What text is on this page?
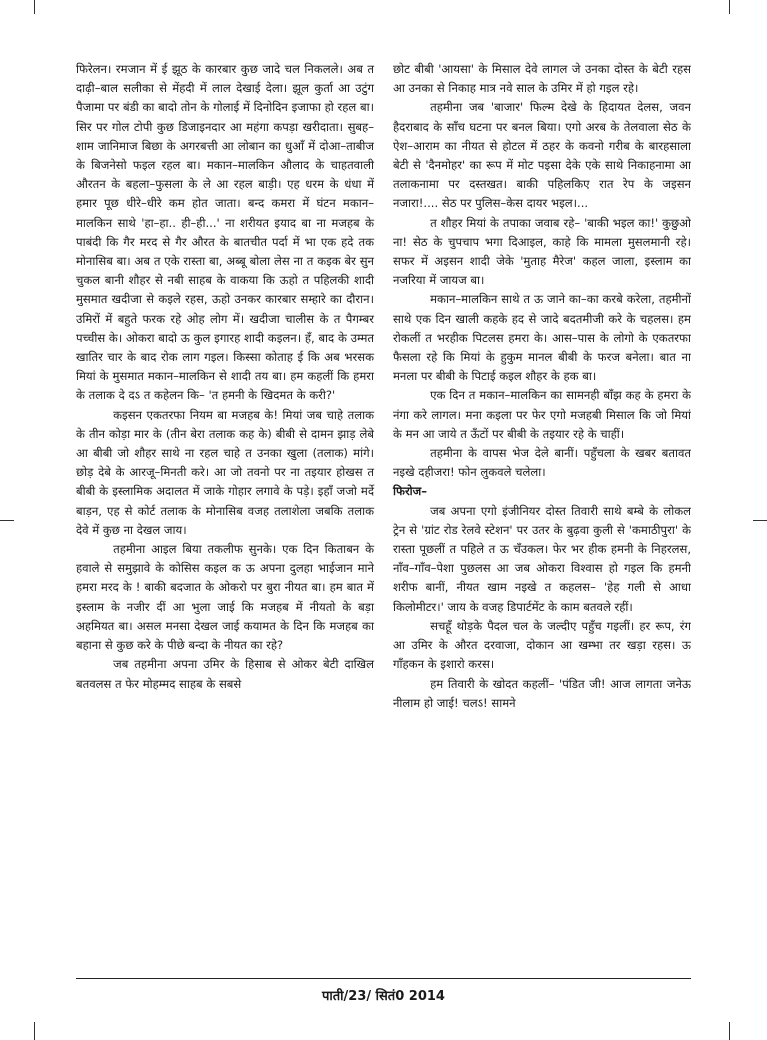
फिरेलन। रमजान में ई झूठ के कारबार कुछ जादे चल निकलले। अब त दाढ़ी–बाल सलीका से मेंहदी में लाल देखाई देला। झूल कुर्ता आ उटुंग पैजामा पर बंडी का बादो तोन के गोलाई में दिनोदिन इजाफा हो रहल बा। सिर पर गोल टोपी कुछ डिजाइनदार आ महंगा कपड़ा खरीदाता। सुबह–शाम जानिमाज बिछा के अगरबत्ती आ लोबान का धुआँ में दोआ–ताबीज के बिजनेसो फइल रहल बा। मकान–मालकिन औलाद के चाहतवाली औरतन के बहला–फुसला के ले आ रहल बाड़ी। एह धरम के धंधा में हमार पूछ धीरे–धीरे कम होत जाता। बन्द कमरा में घंटन मकान–मालकिन साथे 'हा–हा.. ही–ही...' ना शरीयत इयाद बा ना मजहब के पाबंदी कि गैर मरद से गैर औरत के बातचीत पर्दा में भा एक हदे तक मोनासिब बा। अब त एके रास्ता बा, अब्बू बोला लेस ना त कइक बेर सुन चुकल बानी शौहर से नबी साहब के वाकया कि ऊहो त पहिलकी शादी मुसमात खदीजा से कइले रहस, ऊहो उनकर कारबार सम्हारे का दौरान। उमिरों में बहुते फरक रहे ओह लोग में। खदीजा चालीस के त पैगम्बर पच्चीस के। ओकरा बादो ऊ कुल इगारह शादी कइलन। हँ, बाद के उम्मत खातिर चार के बाद रोक लाग गइल। किस्सा कोताह ई कि अब भरसक मियां के मुसमात मकान–मालकिन से शादी तय बा। हम कहलीं कि हमरा के तलाक दे दऽ त कहेलन कि– 'त हमनी के खिदमत के करी?'

कइसन एकतरफा नियम बा मजहब के! मियां जब चाहे तलाक के तीन कोड़ा मार के (तीन बेरा तलाक कह के) बीबी से दामन झाड़ लेबे आ बीबी जो शौहर साथे ना रहल चाहे त उनका खुला (तलाक) मांगे। छोड़ देबे के आरजू–मिनती करे। आ जो तवनो पर ना तइयार होखस त बीबी के इस्लामिक अदालत में जाके गोहार लगावे के पड़े। इहाँ जजो मर्दे बाड़न, एह से कोर्ट तलाक के मोनासिब वजह तलाशेला जबकि तलाक देवे में कुछ ना देखल जाय।

तहमीना आइल बिया तकलीफ सुनके। एक दिन किताबन के हवाले से समुझावे के कोसिस कइल क ऊ अपना दुलहा भाईजान माने हमरा मरद के ! बाकी बदजात के ओकरो पर बुरा नीयत बा। हम बात में इस्लाम के नजीर दीं आ भुला जाई कि मजहब में नीयतो के बड़ा अहमियत बा। असल मनसा देखल जाई कयामत के दिन कि मजहब का बहाना से कुछ करे के पीछे बन्दा के नीयत का रहे?

जब तहमीना अपना उमिर के हिसाब से ओकर बेटी दाखिल बतवलस त फेर मोहम्मद साहब के सबसे

छोट बीबी 'आयसा' के मिसाल देवे लागल जे उनका दोस्त के बेटी रहस आ उनका से निकाह मात्र नवे साल के उमिर में हो गइल रहे।

तहमीना जब 'बाजार' फिल्म देखे के हिदायत देलस, जवन हैदराबाद के साँच घटना पर बनल बिया। एगो अरब के तेलवाला सेठ के ऐश–आराम का नीयत से होटल में ठहर के कवनो गरीब के बारहसाला बेटी से 'दैनमोहर' का रूप में मोट पइसा देके एके साथे निकाहनामा आ तलाकनामा पर दस्तखत। बाकी पहिलकिए रात रेप के जइसन नजारा!.... सेठ पर पुलिस–केस दायर भइल।...

त शौहर मियां के तपाका जवाब रहे– 'बाकी भइल का!' कुछुओ ना! सेठ के चुपचाप भगा दिआइल, काहे कि मामला मुसलमानी रहे। सफर में अइसन शादी जेके 'मुताह मैरेज' कहल जाला, इस्लाम का नजरिया में जायज बा।

मकान–मालकिन साथे त ऊ जाने का–का करबे करेला, तहमीनों साथे एक दिन खाली कहके हद से जादे बदतमीजी करे के चहलस। हम रोकलीं त भरहीक पिटलस हमरा के। आस–पास के लोगो के एकतरफा फैसला रहे कि मियां के हुकुम मानल बीबी के फरज बनेला। बात ना मनला पर बीबी के पिटाई कइल शौहर के हक बा।

एक दिन त मकान–मालकिन का सामनही बाँझ कह के हमरा के नंगा करे लागल। मना कइला पर फेर एगो मजहबी मिसाल कि जो मियां के मन आ जाये त ऊँटों पर बीबी के तइयार रहे के चाहीं।

तहमीना के वापस भेज देले बानीं। पहुँचला के खबर बतावत नइखे दहीजरा! फोन लुकवले चलेला।

फिरोज–

जब अपना एगो इंजीनियर दोस्त तिवारी साथे बम्बे के लोकल ट्रेन से 'ग्रांट रोड रेलवे स्टेशन' पर उतर के बुढ़वा कुली से 'कमाठीपुरा' के रास्ता पूछलीं त पहिले त ऊ चँउकल। फेर भर हीक हमनी के निहरलस, नाँव–गाँव–पेशा पुछलस आ जब ओकरा विश्वास हो गइल कि हमनी शरीफ बानीं, नीयत खाम नइखे त कहलस– 'हेह गली से आधा किलोमीटर।' जाय के वजह डिपार्टमेंट के काम बतवले रहीं।

सचहूँ थोड़के पैदल चल के जल्दीए पहुँच गइलीं। हर रूप, रंग आ उमिर के औरत दरवाजा, दोकान आ खम्भा तर खड़ा रहस। ऊ गाँहकन के इशारो करस।

हम तिवारी के खोदत कहलीं– 'पंडित जी! आज लागता जनेऊ नीलाम हो जाई! चलऽ! सामने

पाती/23/ सितं0 2014
